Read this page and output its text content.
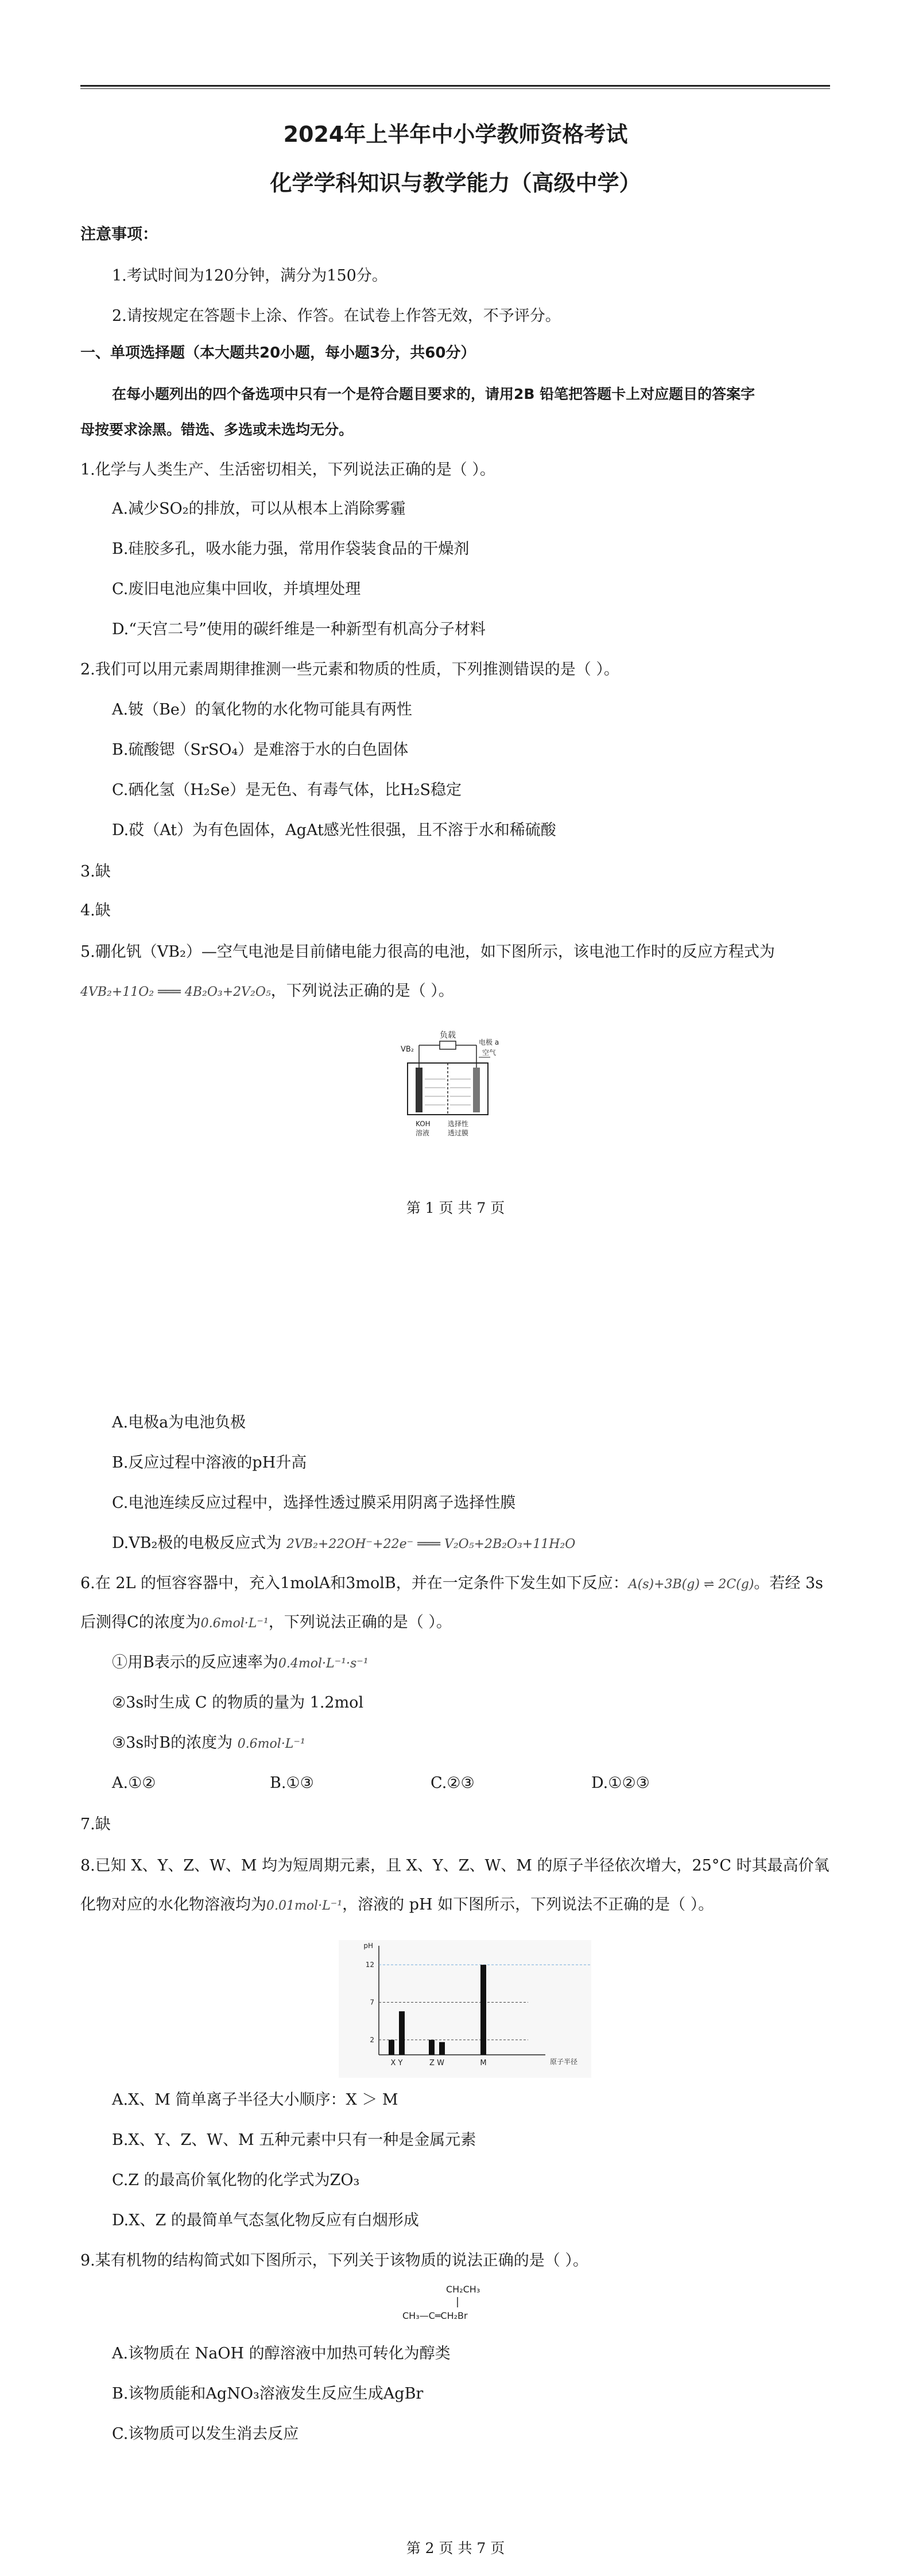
2024年上半年中小学教师资格考试
化学学科知识与教学能力（高级中学）
注意事项：
1.考试时间为120分钟，满分为150分。
2.请按规定在答题卡上涂、作答。在试卷上作答无效，不予评分。
一、单项选择题（本大题共20小题，每小题3分，共60分）
在每小题列出的四个备选项中只有一个是符合题目要求的，请用2B 铅笔把答题卡上对应题目的答案字
母按要求涂黑。错选、多选或未选均无分。
1.化学与人类生产、生活密切相关，下列说法正确的是（ ）。
A.减少SO₂的排放，可以从根本上消除雾霾
B.硅胶多孔，吸水能力强，常用作袋装食品的干燥剂
C.废旧电池应集中回收，并填埋处理
D.“天宫二号”使用的碳纤维是一种新型有机高分子材料
2.我们可以用元素周期律推测一些元素和物质的性质，下列推测错误的是（ ）。
A.铍（Be）的氧化物的水化物可能具有两性
B.硫酸锶（SrSO₄）是难溶于水的白色固体
C.硒化氢（H₂Se）是无色、有毒气体，比H₂S稳定
D.砹（At）为有色固体，AgAt感光性很强，且不溶于水和稀硫酸
3.缺
4.缺
5.硼化钒（VB₂）—空气电池是目前储电能力很高的电池，如下图所示，该电池工作时的反应方程式为
4VB₂+11O₂ ═══ 4B₂O₃+2V₂O₅，下列说法正确的是（ ）。
负载
VB₂
电极 a
空气
KOH
溶液
选择性
透过膜
第 1 页 共 7 页
A.电极a为电池负极
B.反应过程中溶液的pH升高
C.电池连续反应过程中，选择性透过膜采用阴离子选择性膜
D.VB₂极的电极反应式为 2VB₂+22OH⁻+22e⁻ ═══ V₂O₅+2B₂O₃+11H₂O
6.在 2L 的恒容容器中，充入1molA和3molB，并在一定条件下发生如下反应：A(s)+3B(g) ⇌ 2C(g)。若经 3s
后测得C的浓度为0.6mol·L⁻¹，下列说法正确的是（ ）。
①用B表示的反应速率为0.4mol·L⁻¹·s⁻¹
②3s时生成 C 的物质的量为 1.2mol
③3s时B的浓度为 0.6mol·L⁻¹
A.①②	B.①③	C.②③	D.①②③
7.缺
8.已知 X、Y、Z、W、M 均为短周期元素，且 X、Y、Z、W、M 的原子半径依次增大，25°C 时其最高价氧
化物对应的水化物溶液均为0.01mol·L⁻¹，溶液的 pH 如下图所示，下列说法不正确的是（ ）。
pH
原子半径
2
7
12
X Y	Z W	M
A.X、M 简单离子半径大小顺序：X ＞ M
B.X、Y、Z、W、M 五种元素中只有一种是金属元素
C.Z 的最高价氧化物的化学式为ZO₃
D.X、Z 的最简单气态氢化物反应有白烟形成
9.某有机物的结构简式如下图所示，下列关于该物质的说法正确的是（ ）。
CH₂CH₃
CH₃—C═CH₂Br
A.该物质在 NaOH 的醇溶液中加热可转化为醇类
B.该物质能和AgNO₃溶液发生反应生成AgBr
C.该物质可以发生消去反应
第 2 页 共 7 页
